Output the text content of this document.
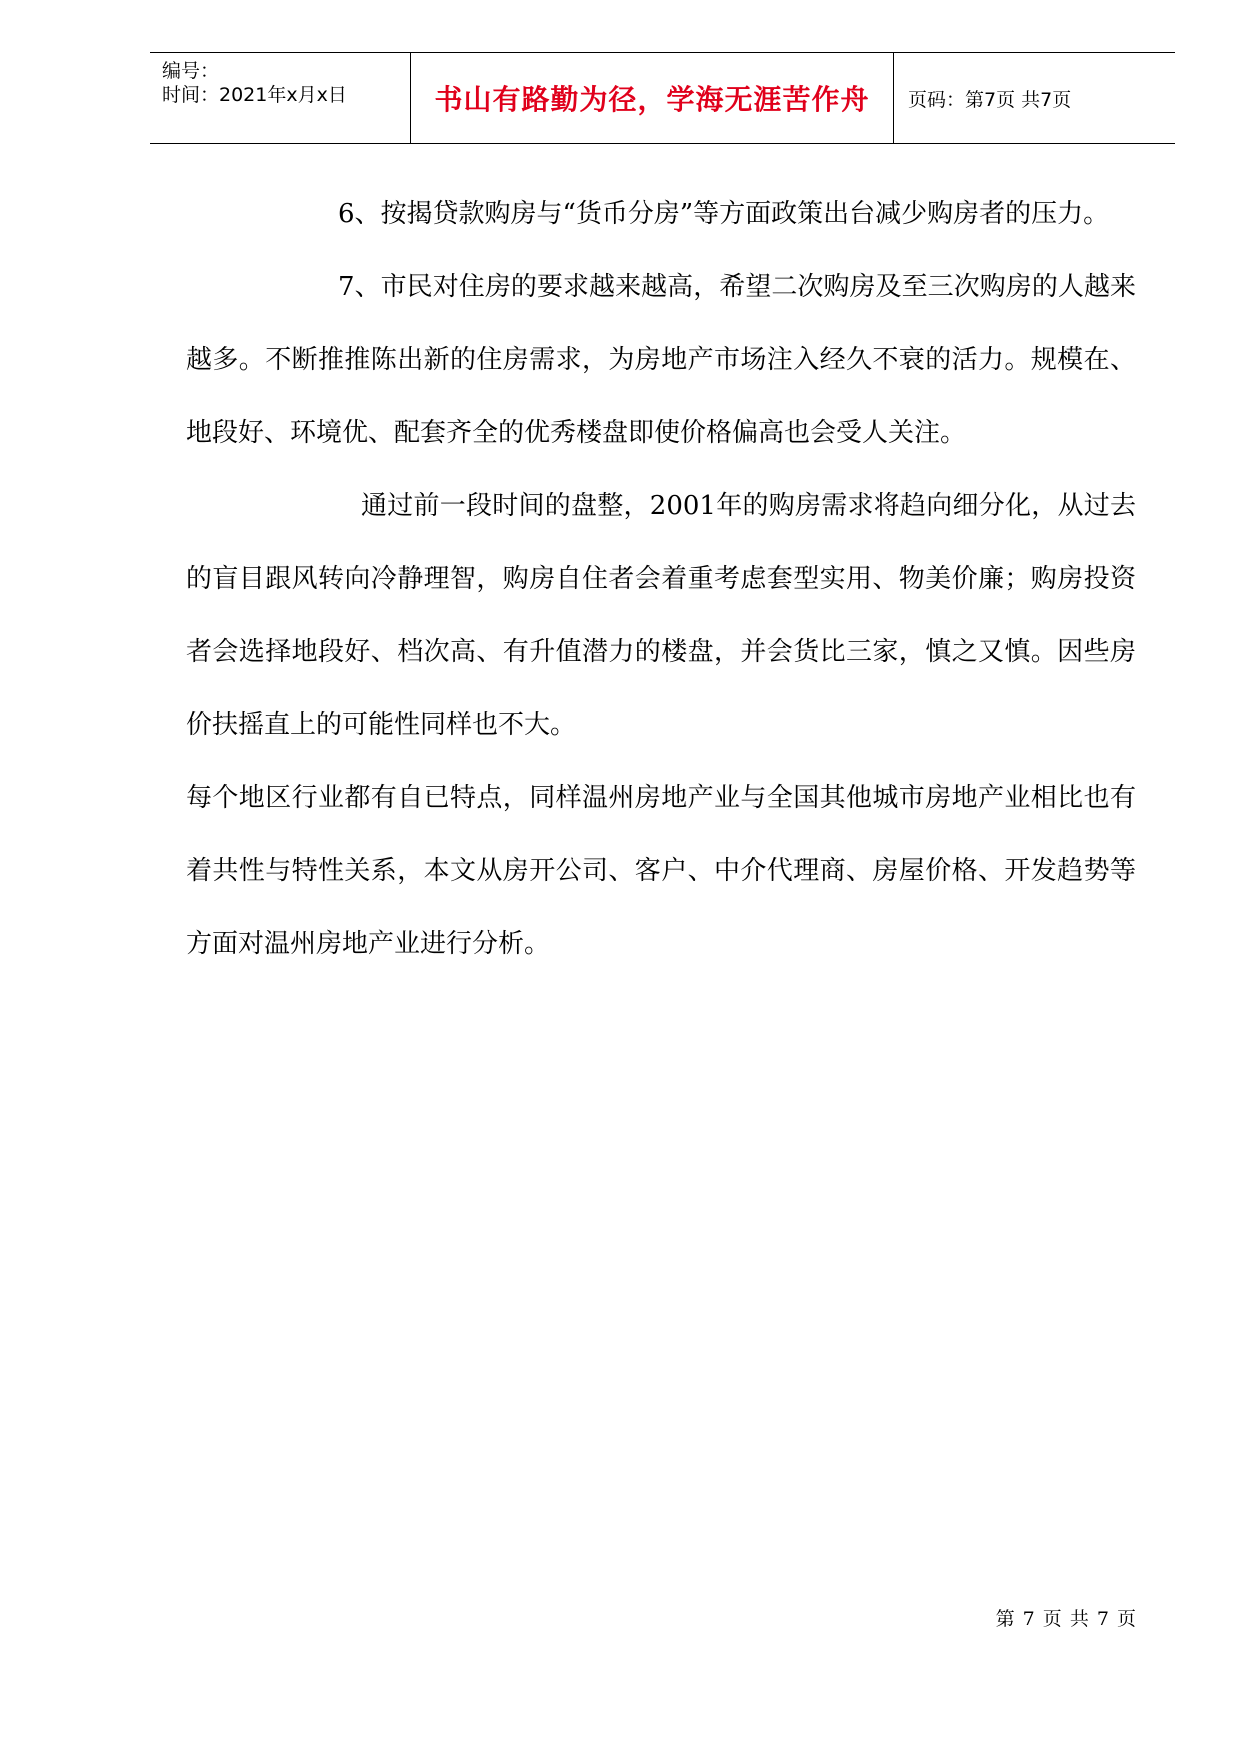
编号：
时间：2021年x月x日	书山有路勤为径，学海无涯苦作舟 页码：第7页 共7页

6、按揭贷款购房与“货币分房”等方面政策出台减少购房者的压力。

7、市民对住房的要求越来越高，希望二次购房及至三次购房的人越来越多。不断推推陈出新的住房需求，为房地产市场注入经久不衰的活力。规模在、地段好、环境优、配套齐全的优秀楼盘即使价格偏高也会受人关注。

通过前一段时间的盘整，2001年的购房需求将趋向细分化，从过去的盲目跟风转向冷静理智，购房自住者会着重考虑套型实用、物美价廉；购房投资者会选择地段好、档次高、有升值潜力的楼盘，并会货比三家，慎之又慎。因些房价扶摇直上的可能性同样也不大。

每个地区行业都有自已特点，同样温州房地产业与全国其他城市房地产业相比也有着共性与特性关系，本文从房开公司、客户、中介代理商、房屋价格、开发趋势等方面对温州房地产业进行分析。

第 7 页 共 7 页
